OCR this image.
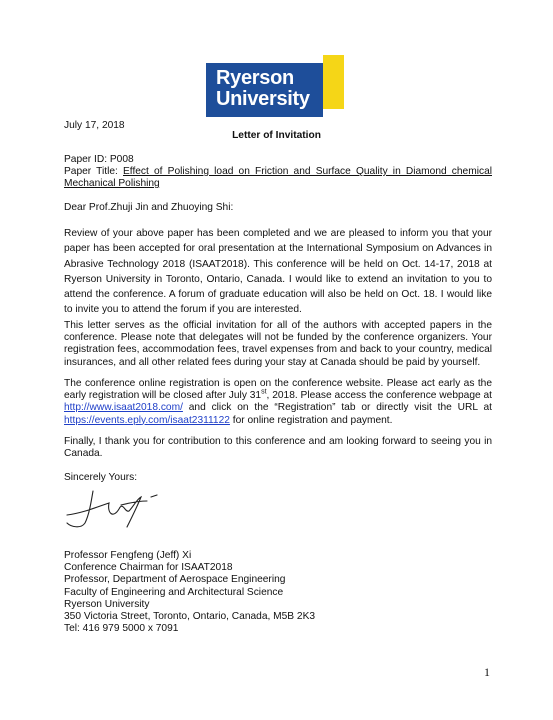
Ryerson
University
July 17, 2018
Letter of Invitation
Paper ID: P008
Paper Title: Effect of Polishing load on Friction and Surface Quality in Diamond chemical Mechanical Polishing
Dear Prof.Zhuji Jin and Zhuoying Shi:
Review of your above paper has been completed and we are pleased to inform you that your paper has been accepted for oral presentation at the International Symposium on Advances in Abrasive Technology 2018 (ISAAT2018). This conference will be held on Oct. 14-17, 2018 at Ryerson University in Toronto, Ontario, Canada. I would like to extend an invitation to you to attend the conference. A forum of graduate education will also be held on Oct. 18. I would like to invite you to attend the forum if you are interested.
This letter serves as the official invitation for all of the authors with accepted papers in the conference. Please note that delegates will not be funded by the conference organizers. Your registration fees, accommodation fees, travel expenses from and back to your country, medical insurances, and all other related fees during your stay at Canada should be paid by yourself.
The conference online registration is open on the conference website. Please act early as the early registration will be closed after July 31st, 2018. Please access the conference webpage at http://www.isaat2018.com/ and click on the “Registration” tab or directly visit the URL at https://events.eply.com/isaat2311122 for online registration and payment.
Finally, I thank you for contribution to this conference and am looking forward to seeing you in Canada.
Sincerely Yours:
Professor Fengfeng (Jeff) Xi
Conference Chairman for ISAAT2018
Professor, Department of Aerospace Engineering
Faculty of Engineering and Architectural Science
Ryerson University
350 Victoria Street, Toronto, Ontario, Canada, M5B 2K3
Tel: 416 979 5000 x 7091
1
